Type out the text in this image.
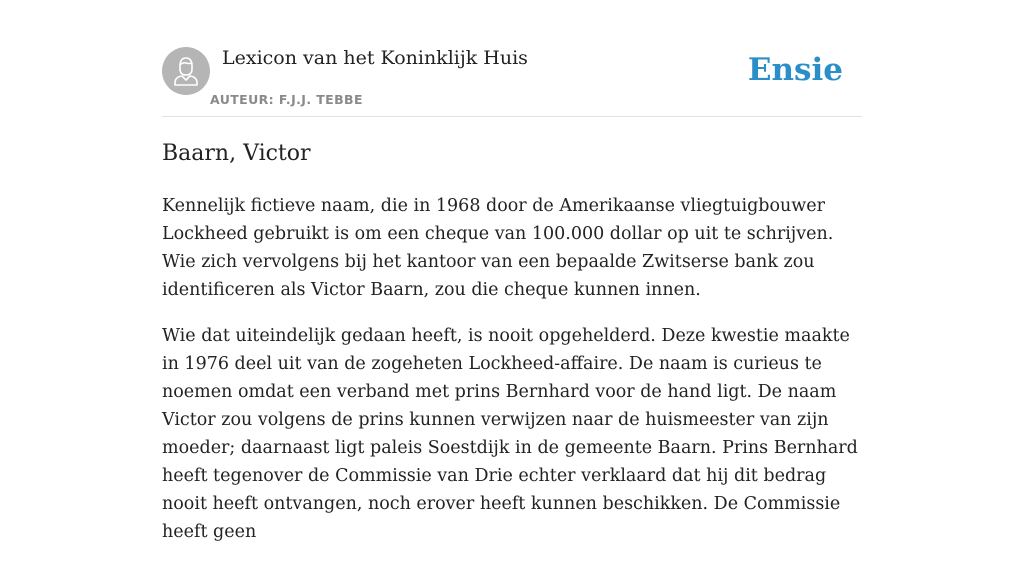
Lexicon van het Koninklijk Huis
AUTEUR: F.J.J. TEBBE
Ensie
Baarn, Victor

Kennelijk fictieve naam, die in 1968 door de Amerikaanse vliegtuigbouwer Lockheed gebruikt is om een cheque van 100.000 dollar op uit te schrijven. Wie zich vervolgens bij het kantoor van een bepaalde Zwitserse bank zou identificeren als Victor Baarn, zou die cheque kunnen innen.

Wie dat uiteindelijk gedaan heeft, is nooit opgehelderd. Deze kwestie maakte in 1976 deel uit van de zogeheten Lockheed-affaire. De naam is curieus te noemen omdat een verband met prins Bernhard voor de hand ligt. De naam Victor zou volgens de prins kunnen verwijzen naar de huismeester van zijn moeder; daarnaast ligt paleis Soestdijk in de gemeente Baarn. Prins Bernhard heeft tegenover de Commissie van Drie echter verklaard dat hij dit bedrag nooit heeft ontvangen, noch erover heeft kunnen beschikken. De Commissie heeft geen
